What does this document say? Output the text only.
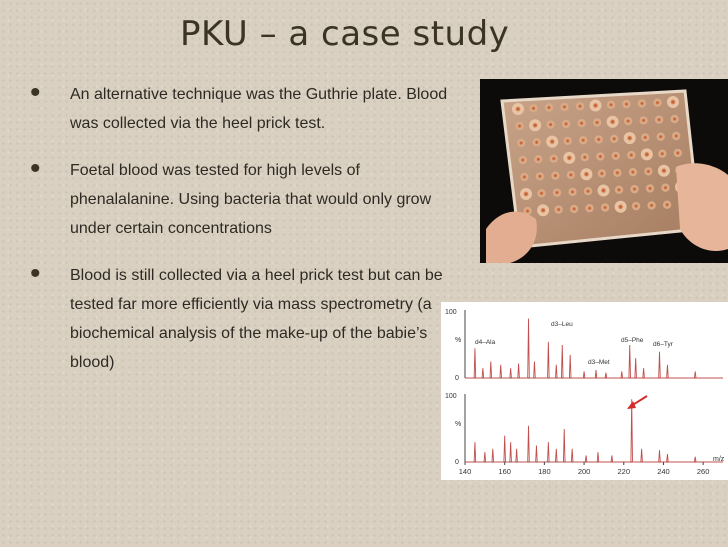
PKU – a case study
• An alternative technique was the Guthrie plate. Blood was collected via the heel prick test.
• Foetal blood was tested for high levels of phenalalanine. Using bacteria that would only grow under certain concentrations
• Blood is still collected via a heel prick test but can be tested far more efficiently via mass spectrometry (a biochemical analysis of the make-up of the babie’s blood)
100
%
0
100
%
0
d4–Ala
d3–Leu
d3–Met
d5–Phe
d6–Tyr
140	160	180	200	220	240	260
m/z
